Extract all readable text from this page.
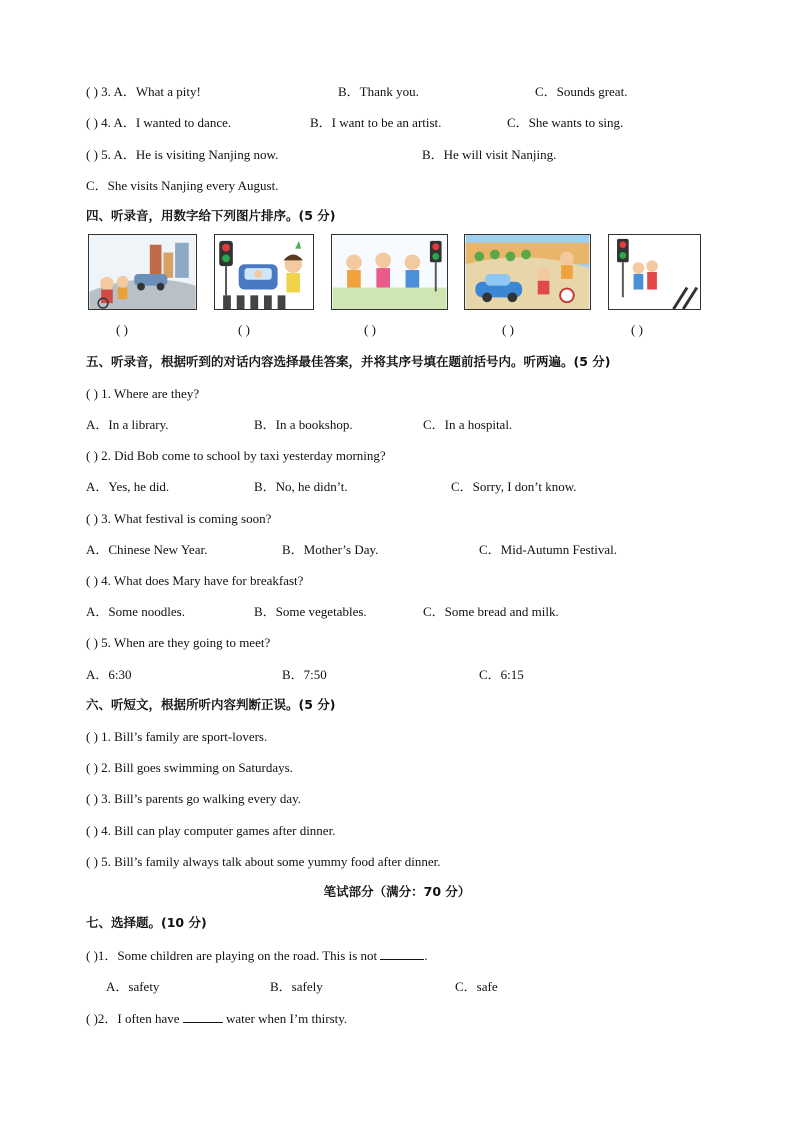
( ) 3. A．What a pity!	B．Thank you.	C．Sounds great.
( ) 4. A．I wanted to dance.	B．I want to be an artist.	C．She wants to sing.
( ) 5. A．He is visiting Nanjing now.	B．He will visit Nanjing.
C．She visits Nanjing every August.
四、听录音，用数字给下列图片排序。(5 分)
( )	( )	( )	( )	( )
五、听录音，根据听到的对话内容选择最佳答案，并将其序号填在题前括号内。听两遍。(5 分)
( ) 1. Where are they?
A．In a library.	B．In a bookshop.	C．In a hospital.
( ) 2. Did Bob come to school by taxi yesterday morning?
A．Yes, he did.	B．No, he didn’t.	C．Sorry, I don’t know.
( ) 3. What festival is coming soon?
A．Chinese New Year.	B．Mother’s Day.	C．Mid-Autumn Festival.
( ) 4. What does Mary have for breakfast?
A．Some noodles.	B．Some vegetables.	C．Some bread and milk.
( ) 5. When are they going to meet?
A．6:30	B．7:50	C．6:15
六、听短文，根据所听内容判断正误。(5 分)
( ) 1. Bill’s family are sport-lovers.
( ) 2. Bill goes swimming on Saturdays.
( ) 3. Bill’s parents go walking every day.
( ) 4. Bill can play computer games after dinner.
( ) 5. Bill’s family always talk about some yummy food after dinner.
笔试部分（满分：70 分）
七、选择题。(10 分)
( )1．Some children are playing on the road. This is not	.
A．safety	B．safely	C．safe
( )2．I often have	water when I’m thirsty.
